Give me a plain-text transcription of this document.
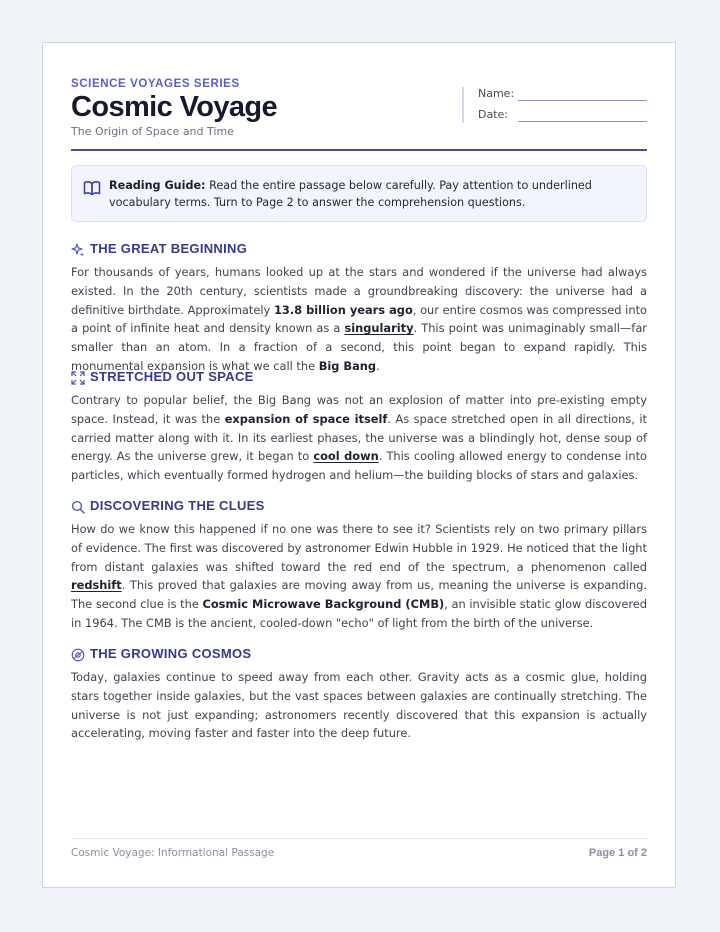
SCIENCE VOYAGES SERIES
Cosmic Voyage
The Origin of Space and Time
Name:
Date:
Reading Guide: Read the entire passage below carefully. Pay attention to underlined vocabulary terms. Turn to Page 2 to answer the comprehension questions.
THE GREAT BEGINNING
For thousands of years, humans looked up at the stars and wondered if the universe had always existed. In the 20th century, scientists made a groundbreaking discovery: the universe had a definitive birthdate. Approximately 13.8 billion years ago, our entire cosmos was compressed into a point of infinite heat and density known as a singularity. This point was unimaginably small—far smaller than an atom. In a fraction of a second, this point began to expand rapidly. This monumental expansion is what we call the Big Bang.
STRETCHED OUT SPACE
Contrary to popular belief, the Big Bang was not an explosion of matter into pre-existing empty space. Instead, it was the expansion of space itself. As space stretched open in all directions, it carried matter along with it. In its earliest phases, the universe was a blindingly hot, dense soup of energy. As the universe grew, it began to cool down. This cooling allowed energy to condense into particles, which eventually formed hydrogen and helium—the building blocks of stars and galaxies.
DISCOVERING THE CLUES
How do we know this happened if no one was there to see it? Scientists rely on two primary pillars of evidence. The first was discovered by astronomer Edwin Hubble in 1929. He noticed that the light from distant galaxies was shifted toward the red end of the spectrum, a phenomenon called redshift. This proved that galaxies are moving away from us, meaning the universe is expanding. The second clue is the Cosmic Microwave Background (CMB), an invisible static glow discovered in 1964. The CMB is the ancient, cooled-down "echo" of light from the birth of the universe.
THE GROWING COSMOS
Today, galaxies continue to speed away from each other. Gravity acts as a cosmic glue, holding stars together inside galaxies, but the vast spaces between galaxies are continually stretching. The universe is not just expanding; astronomers recently discovered that this expansion is actually accelerating, moving faster and faster into the deep future.
Cosmic Voyage: Informational Passage	Page 1 of 2
